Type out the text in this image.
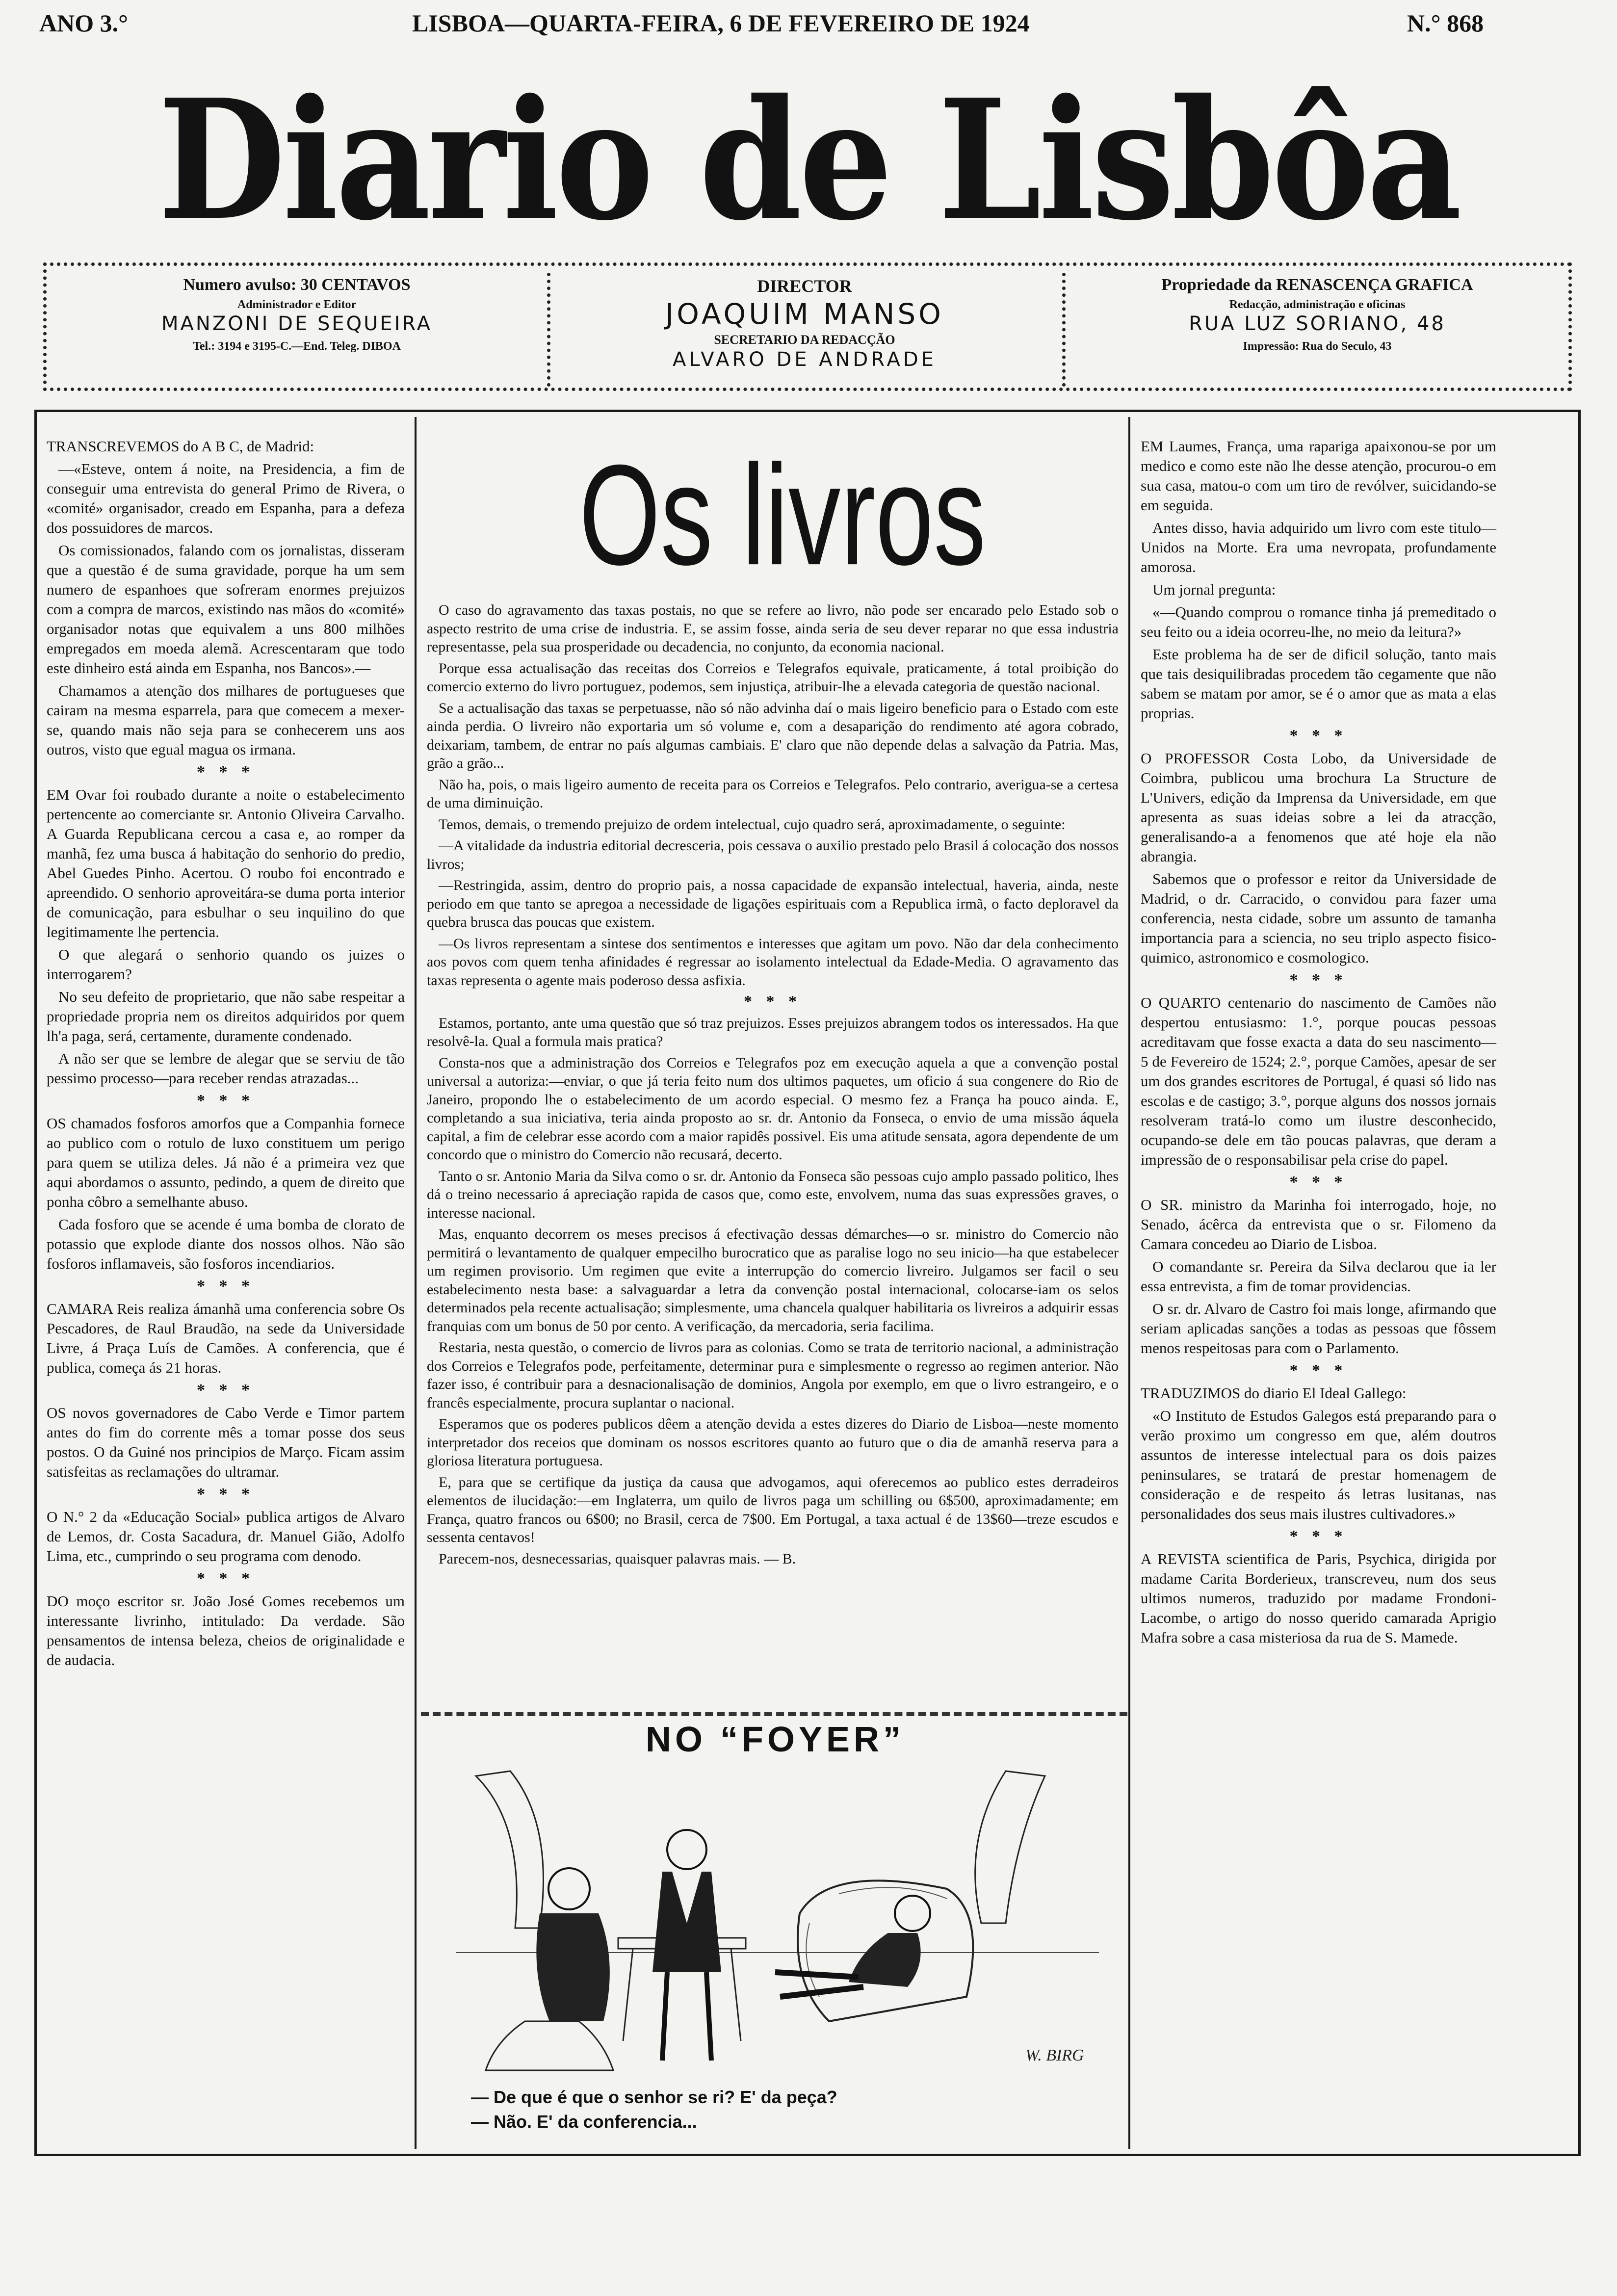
ANO 3.°	LISBOA—QUARTA-FEIRA, 6 DE FEVEREIRO DE 1924	N.° 868
Diario de Lisbôa
Numero avulso: 30 CENTAVOS
Administrador e Editor
MANZONI DE SEQUEIRA
Tel.: 3194 e 3195-C.—End. Teleg. DIBOA
DIRECTOR
JOAQUIM MANSO
SECRETARIO DA REDACÇÃO
ALVARO DE ANDRADE
Propriedade da RENASCENÇA GRAFICA
Redacção, administração e oficinas
RUA LUZ SORIANO, 48
Impressão: Rua do Seculo, 43

TRANSCREVEMOS do A B C, de Madrid:

—«Esteve, ontem á noite, na Presidencia, a fim de conseguir uma entrevista do general Primo de Rivera, o «comité» organisador, creado em Espanha, para a defeza dos possuidores de marcos.

Os comissionados, falando com os jornalistas, disseram que a questão é de suma gravidade, porque ha um sem numero de espanhoes que sofreram enormes prejuizos com a compra de marcos, existindo nas mãos do «comité» organisador notas que equivalem a uns 800 milhões empregados em moeda alemã. Acrescentaram que todo este dinheiro está ainda em Espanha, nos Bancos».—

Chamamos a atenção dos milhares de portugueses que cairam na mesma esparrela, para que comecem a mexer-se, quando mais não seja para se conhecerem uns aos outros, visto que egual magua os irmana.

* * *

EM Ovar foi roubado durante a noite o estabelecimento pertencente ao comerciante sr. Antonio Oliveira Carvalho. A Guarda Republicana cercou a casa e, ao romper da manhã, fez uma busca á habitação do senhorio do predio, Abel Guedes Pinho. Acertou. O roubo foi encontrado e apreendido. O senhorio aproveitára-se duma porta interior de comunicação, para esbulhar o seu inquilino do que legitimamente lhe pertencia.

O que alegará o senhorio quando os juizes o interrogarem?

No seu defeito de proprietario, que não sabe respeitar a propriedade propria nem os direitos adquiridos por quem lh'a paga, será, certamente, duramente condenado.

A não ser que se lembre de alegar que se serviu de tão pessimo processo—para receber rendas atrazadas...

* * *

OS chamados fosforos amorfos que a Companhia fornece ao publico com o rotulo de luxo constituem um perigo para quem se utiliza deles. Já não é a primeira vez que aqui abordamos o assunto, pedindo, a quem de direito que ponha côbro a semelhante abuso.

Cada fosforo que se acende é uma bomba de clorato de potassio que explode diante dos nossos olhos. Não são fosforos inflamaveis, são fosforos incendiarios.

* * *

CAMARA Reis realiza ámanhã uma conferencia sobre Os Pescadores, de Raul Braudão, na sede da Universidade Livre, á Praça Luís de Camões. A conferencia, que é publica, começa ás 21 horas.

* * *

OS novos governadores de Cabo Verde e Timor partem antes do fim do corrente mês a tomar posse dos seus postos. O da Guiné nos principios de Março. Ficam assim satisfeitas as reclamações do ultramar.

* * *

O N.° 2 da «Educação Social» publica artigos de Alvaro de Lemos, dr. Costa Sacadura, dr. Manuel Gião, Adolfo Lima, etc., cumprindo o seu programa com denodo.

* * *

DO moço escritor sr. João José Gomes recebemos um interessante livrinho, intitulado: Da verdade. São pensamentos de intensa beleza, cheios de originalidade e de audacia.

Os livros

O caso do agravamento das taxas postais, no que se refere ao livro, não pode ser encarado pelo Estado sob o aspecto restrito de uma crise de industria. E, se assim fosse, ainda seria de seu dever reparar no que essa industria representasse, pela sua prosperidade ou decadencia, no conjunto, da economia nacional.

Porque essa actualisação das receitas dos Correios e Telegrafos equivale, praticamente, á total proibição do comercio externo do livro portuguez, podemos, sem injustiça, atribuir-lhe a elevada categoria de questão nacional.

Se a actualisação das taxas se perpetuasse, não só não advinha daí o mais ligeiro beneficio para o Estado com este ainda perdia. O livreiro não exportaria um só volume e, com a desaparição do rendimento até agora cobrado, deixariam, tambem, de entrar no país algumas cambiais. E' claro que não depende delas a salvação da Patria. Mas, grão a grão...

Não ha, pois, o mais ligeiro aumento de receita para os Correios e Telegrafos. Pelo contrario, averigua-se a certesa de uma diminuição.

Temos, demais, o tremendo prejuizo de ordem intelectual, cujo quadro será, aproximadamente, o seguinte:

—A vitalidade da industria editorial decresceria, pois cessava o auxilio prestado pelo Brasil á colocação dos nossos livros;

—Restringida, assim, dentro do proprio pais, a nossa capacidade de expansão intelectual, haveria, ainda, neste periodo em que tanto se apregoa a necessidade de ligações espirituais com a Republica irmã, o facto deploravel da quebra brusca das poucas que existem.

—Os livros representam a sintese dos sentimentos e interesses que agitam um povo. Não dar dela conhecimento aos povos com quem tenha afinidades é regressar ao isolamento intelectual da Edade-Media. O agravamento das taxas representa o agente mais poderoso dessa asfixia.

* * *

Estamos, portanto, ante uma questão que só traz prejuizos. Esses prejuizos abrangem todos os interessados. Ha que resolvê-la. Qual a formula mais pratica?

Consta-nos que a administração dos Correios e Telegrafos poz em execução aquela a que a convenção postal universal a autoriza:—enviar, o que já teria feito num dos ultimos paquetes, um oficio á sua congenere do Rio de Janeiro, propondo lhe o estabelecimento de um acordo especial. O mesmo fez a França ha pouco ainda. E, completando a sua iniciativa, teria ainda proposto ao sr. dr. Antonio da Fonseca, o envio de uma missão áquela capital, a fim de celebrar esse acordo com a maior rapidês possivel. Eis uma atitude sensata, agora dependente de um concordo que o ministro do Comercio não recusará, decerto.

Tanto o sr. Antonio Maria da Silva como o sr. dr. Antonio da Fonseca são pessoas cujo amplo passado politico, lhes dá o treino necessario á apreciação rapida de casos que, como este, envolvem, numa das suas expressões graves, o interesse nacional.

Mas, enquanto decorrem os meses precisos á efectivação dessas démarches—o sr. ministro do Comercio não permitirá o levantamento de qualquer empecilho burocratico que as paralise logo no seu inicio—ha que estabelecer um regimen provisorio. Um regimen que evite a interrupção do comercio livreiro. Julgamos ser facil o seu estabelecimento nesta base: a salvaguardar a letra da convenção postal internacional, colocarse-iam os selos determinados pela recente actualisação; simplesmente, uma chancela qualquer habilitaria os livreiros a adquirir essas franquias com um bonus de 50 por cento. A verificação, da mercadoria, seria facilima.

Restaria, nesta questão, o comercio de livros para as colonias. Como se trata de territorio nacional, a administração dos Correios e Telegrafos pode, perfeitamente, determinar pura e simplesmente o regresso ao regimen anterior. Não fazer isso, é contribuir para a desnacionalisação de dominios, Angola por exemplo, em que o livro estrangeiro, e o francês especialmente, procura suplantar o nacional.

Esperamos que os poderes publicos dêem a atenção devida a estes dizeres do Diario de Lisboa—neste momento interpretador dos receios que dominam os nossos escritores quanto ao futuro que o dia de amanhã reserva para a gloriosa literatura portuguesa.

E, para que se certifique da justiça da causa que advogamos, aqui oferecemos ao publico estes derradeiros elementos de ilucidação:—em Inglaterra, um quilo de livros paga um schilling ou 6$500, aproximadamente; em França, quatro francos ou 6$00; no Brasil, cerca de 7$00. Em Portugal, a taxa actual é de 13$60—treze escudos e sessenta centavos!

Parecem-nos, desnecessarias, quaisquer palavras mais. — B.

NO “FOYER”
W. BIRG
— De que é que o senhor se ri? E' da peça?
— Não. E' da conferencia...

EM Laumes, França, uma rapariga apaixonou-se por um medico e como este não lhe desse atenção, procurou-o em sua casa, matou-o com um tiro de revólver, suicidando-se em seguida.

Antes disso, havia adquirido um livro com este titulo—Unidos na Morte. Era uma nevropata, profundamente amorosa.

Um jornal pregunta:

«—Quando comprou o romance tinha já premeditado o seu feito ou a ideia ocorreu-lhe, no meio da leitura?»

Este problema ha de ser de dificil solução, tanto mais que tais desiquilibradas procedem tão cegamente que não sabem se matam por amor, se é o amor que as mata a elas proprias.

* * *

O PROFESSOR Costa Lobo, da Universidade de Coimbra, publicou uma brochura La Structure de L'Univers, edição da Imprensa da Universidade, em que apresenta as suas ideias sobre a lei da atracção, generalisando-a a fenomenos que até hoje ela não abrangia.

Sabemos que o professor e reitor da Universidade de Madrid, o dr. Carracido, o convidou para fazer uma conferencia, nesta cidade, sobre um assunto de tamanha importancia para a sciencia, no seu triplo aspecto fisico-quimico, astronomico e cosmologico.

* * *

O QUARTO centenario do nascimento de Camões não despertou entusiasmo: 1.°, porque poucas pessoas acreditavam que fosse exacta a data do seu nascimento—5 de Fevereiro de 1524; 2.°, porque Camões, apesar de ser um dos grandes escritores de Portugal, é quasi só lido nas escolas e de castigo; 3.°, porque alguns dos nossos jornais resolveram tratá-lo como um ilustre desconhecido, ocupando-se dele em tão poucas palavras, que deram a impressão de o responsabilisar pela crise do papel.

* * *

O SR. ministro da Marinha foi interrogado, hoje, no Senado, ácêrca da entrevista que o sr. Filomeno da Camara concedeu ao Diario de Lisboa.

O comandante sr. Pereira da Silva declarou que ia ler essa entrevista, a fim de tomar providencias.

O sr. dr. Alvaro de Castro foi mais longe, afirmando que seriam aplicadas sanções a todas as pessoas que fôssem menos respeitosas para com o Parlamento.

* * *

TRADUZIMOS do diario El Ideal Gallego:

«O Instituto de Estudos Galegos está preparando para o verão proximo um congresso em que, além doutros assuntos de interesse intelectual para os dois paizes peninsulares, se tratará de prestar homenagem de consideração e de respeito ás letras lusitanas, nas personalidades dos seus mais ilustres cultivadores.»

* * *

A REVISTA scientifica de Paris, Psychica, dirigida por madame Carita Borderieux, transcreveu, num dos seus ultimos numeros, traduzido por madame Frondoni-Lacombe, o artigo do nosso querido camarada Aprigio Mafra sobre a casa misteriosa da rua de S. Mamede.
